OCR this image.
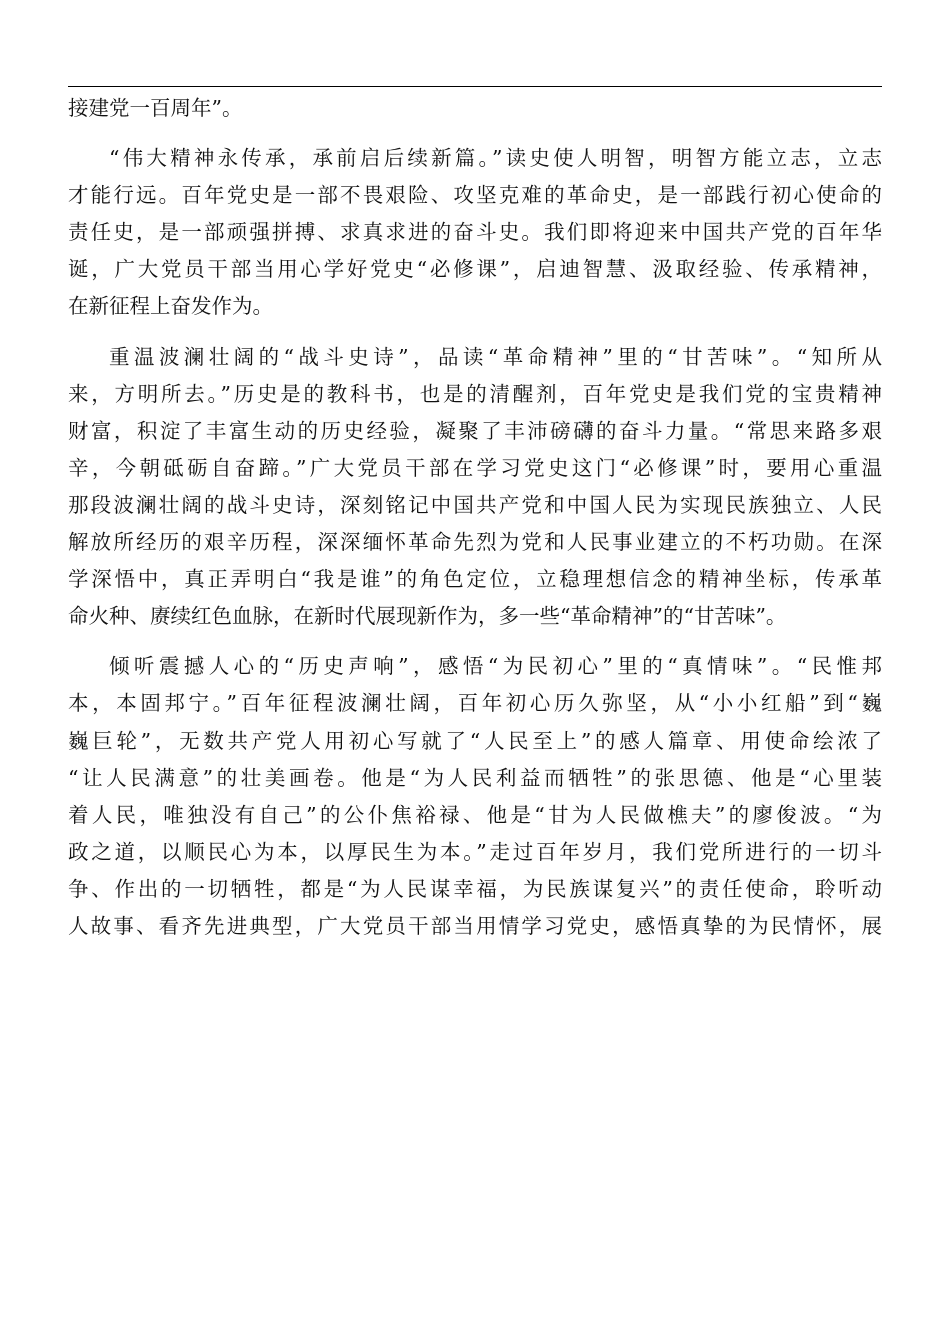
接建党一百周年”。
“伟大精神永传承，承前启后续新篇。”读史使人明智，明智方能立志，立志
才能行远。百年党史是一部不畏艰险、攻坚克难的革命史，是一部践行初心使命的
责任史，是一部顽强拼搏、求真求进的奋斗史。我们即将迎来中国共产党的百年华
诞，广大党员干部当用心学好党史“必修课”，启迪智慧、汲取经验、传承精神，
在新征程上奋发作为。
重温波澜壮阔的“战斗史诗”，品读“革命精神”里的“甘苦味”。“知所从
来，方明所去。”历史是的教科书，也是的清醒剂，百年党史是我们党的宝贵精神
财富，积淀了丰富生动的历史经验，凝聚了丰沛磅礴的奋斗力量。“常思来路多艰
辛，今朝砥砺自奋蹄。”广大党员干部在学习党史这门“必修课”时，要用心重温
那段波澜壮阔的战斗史诗，深刻铭记中国共产党和中国人民为实现民族独立、人民
解放所经历的艰辛历程，深深缅怀革命先烈为党和人民事业建立的不朽功勋。在深
学深悟中，真正弄明白“我是谁”的角色定位，立稳理想信念的精神坐标，传承革
命火种、赓续红色血脉，在新时代展现新作为，多一些“革命精神”的“甘苦味”。
倾听震撼人心的“历史声响”，感悟“为民初心”里的“真情味”。“民惟邦
本，本固邦宁。”百年征程波澜壮阔，百年初心历久弥坚，从“小小红船”到“巍
巍巨轮”，无数共产党人用初心写就了“人民至上”的感人篇章、用使命绘浓了
“让人民满意”的壮美画卷。他是“为人民利益而牺牲”的张思德、他是“心里装
着人民，唯独没有自己”的公仆焦裕禄、他是“甘为人民做樵夫”的廖俊波。“为
政之道，以顺民心为本，以厚民生为本。”走过百年岁月，我们党所进行的一切斗
争、作出的一切牺牲，都是“为人民谋幸福，为民族谋复兴”的责任使命，聆听动
人故事、看齐先进典型，广大党员干部当用情学习党史，感悟真挚的为民情怀，展
